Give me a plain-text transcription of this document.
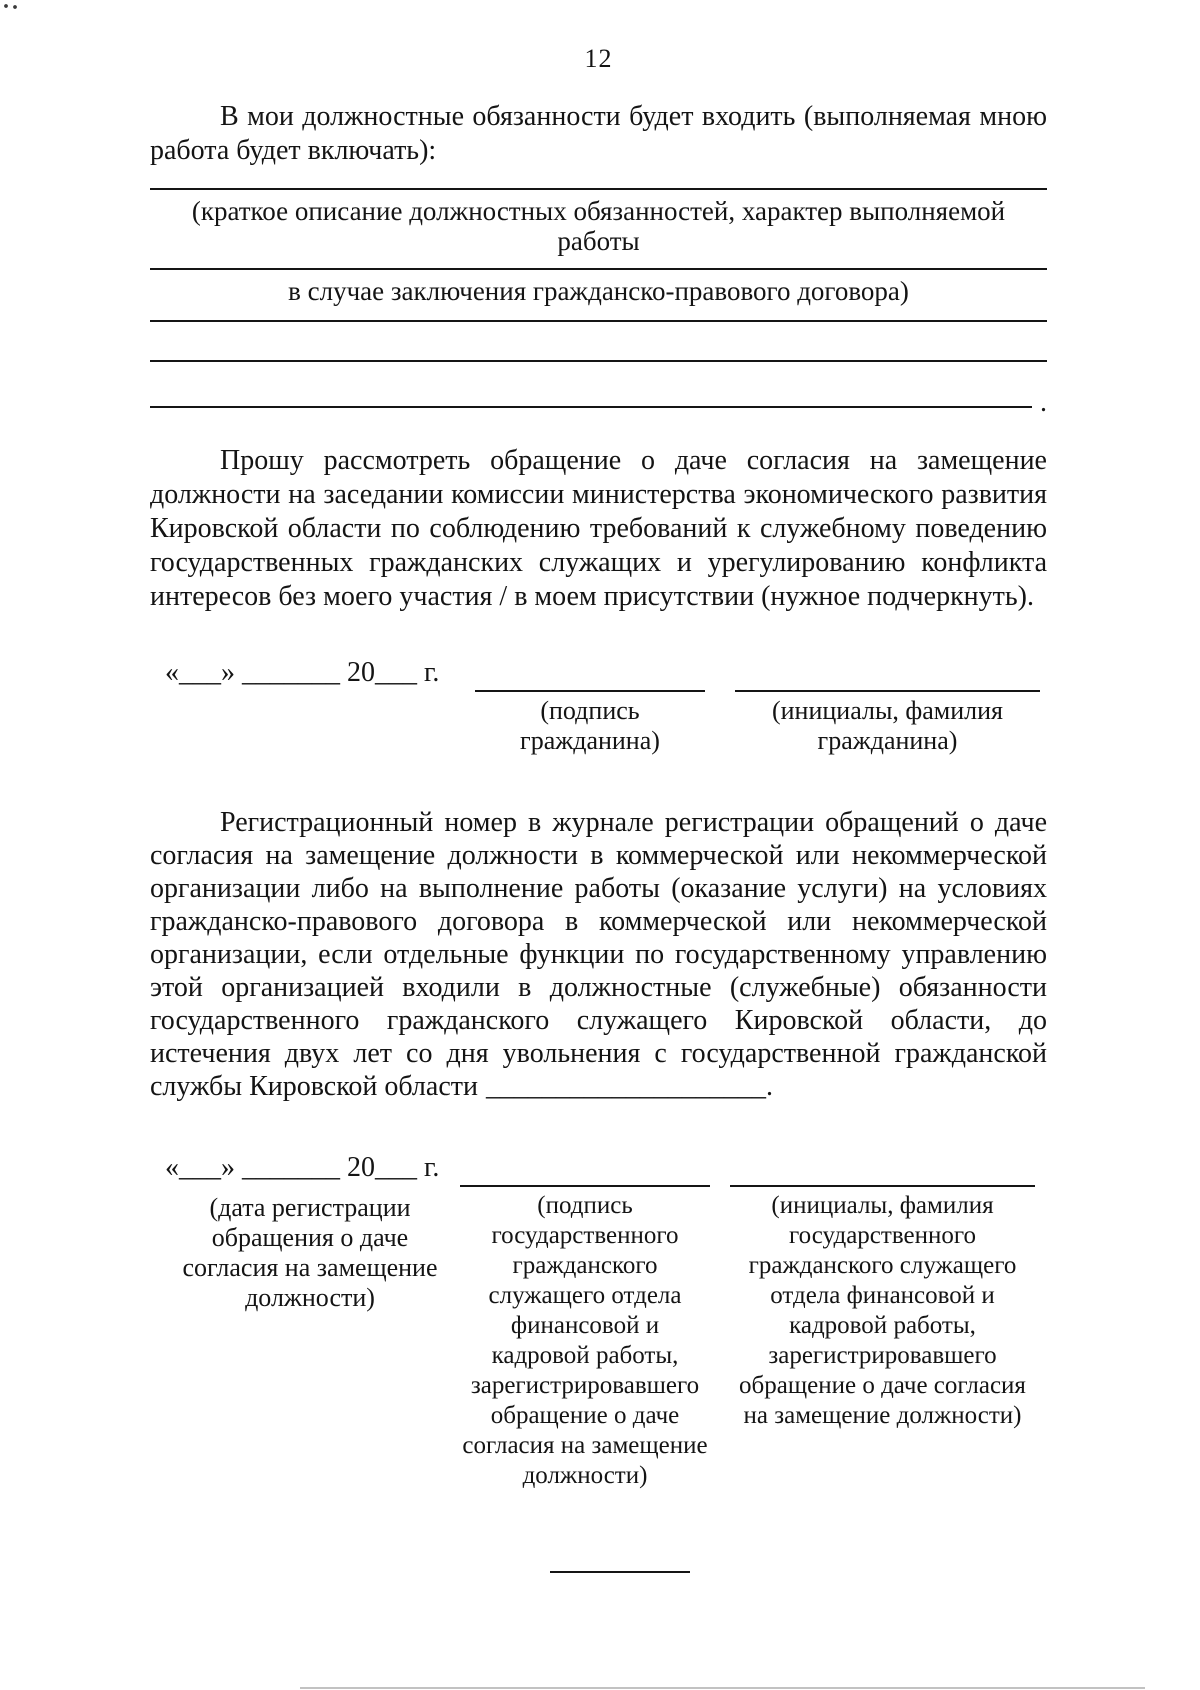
12

В мои должностные обязанности будет входить (выполняемая мною работа будет включать):

(краткое описание должностных обязанностей, характер выполняемой работы
в случае заключения гражданско-правового договора)
.

Прошу рассмотреть обращение о даче согласия на замещение должности на заседании комиссии министерства экономического развития Кировской области по соблюдению требований к служебному поведению государственных гражданских служащих и урегулированию конфликта интересов без моего участия / в моем присутствии (нужное подчеркнуть).

«___» _______ 20___ г.
(подпись гражданина)
(инициалы, фамилия гражданина)

Регистрационный номер в журнале регистрации обращений о даче согласия на замещение должности в коммерческой или некоммерческой организации либо на выполнение работы (оказание услуги) на условиях гражданско-правового договора в коммерческой или некоммерческой организации, если отдельные функции по государственному управлению этой организацией входили в должностные (служебные) обязанности государственного гражданского служащего Кировской области, до истечения двух лет со дня увольнения с государственной гражданской службы Кировской области ____________________.

«___» _______ 20___ г.
(дата регистрации обращения о даче согласия на замещение должности)
(подпись государственного гражданского служащего отдела финансовой и кадровой работы, зарегистрировавшего обращение о даче согласия на замещение должности)
(инициалы, фамилия государственного гражданского служащего отдела финансовой и кадровой работы, зарегистрировавшего обращение о даче согласия на замещение должности)
